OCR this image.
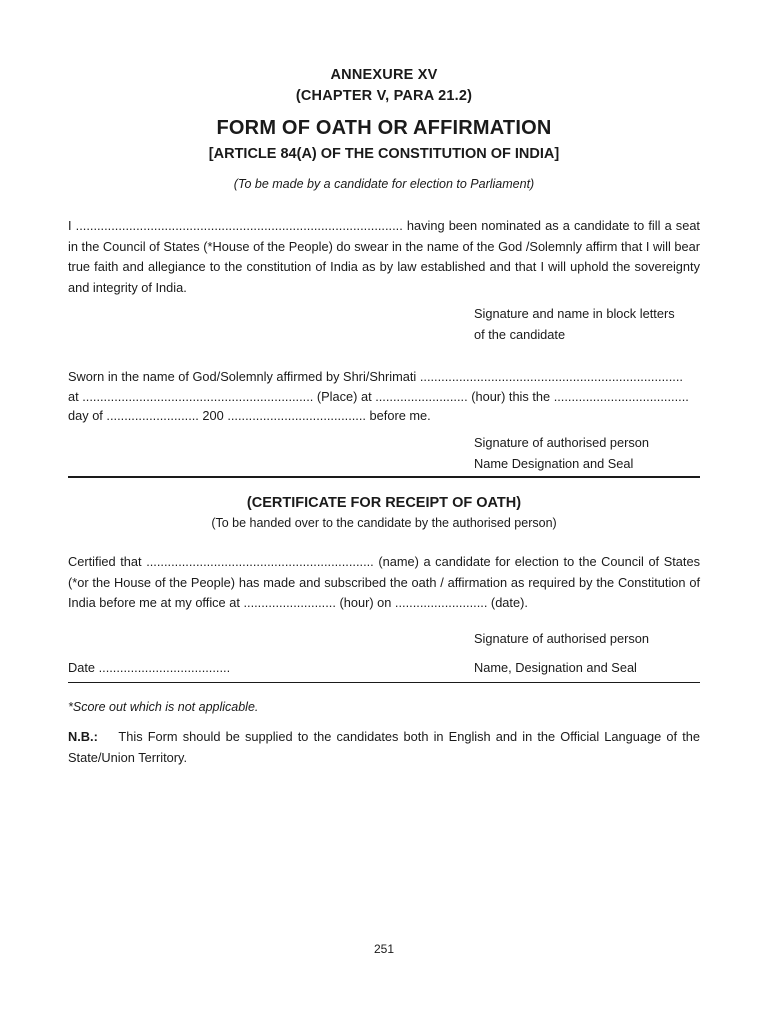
ANNEXURE XV
(CHAPTER V, PARA 21.2)
FORM OF OATH OR AFFIRMATION
[ARTICLE 84(A) OF THE CONSTITUTION OF INDIA]
(To be made by a candidate for election to Parliament)
I ............................................................................................ having been nominated as a candidate to fill a seat in the Council of States (*House of the People) do swear in the name of the God /Solemnly affirm that I will bear true faith and allegiance to the constitution of India as by law established and that I will uphold the sovereignty and integrity of India.
Signature and name in block letters
of the candidate
Sworn in the name of God/Solemnly affirmed by Shri/Shrimati ..........................................................................
at ................................................................. (Place) at .......................... (hour) this the ......................................
day of .......................... 200 ....................................... before me.
Signature of authorised person
Name Designation and Seal
(CERTIFICATE FOR RECEIPT OF OATH)
(To be handed over to the candidate by the authorised person)
Certified that ................................................................ (name) a candidate for election to the Council of States (*or the House of the People) has made and subscribed the oath / affirmation as required by the Constitution of India before me at my office at .......................... (hour) on .......................... (date).
Signature of authorised person
Date .....................................	Name, Designation and Seal
*Score out which is not applicable.
N.B.: This Form should be supplied to the candidates both in English and in the Official Language of the State/Union Territory.
251
